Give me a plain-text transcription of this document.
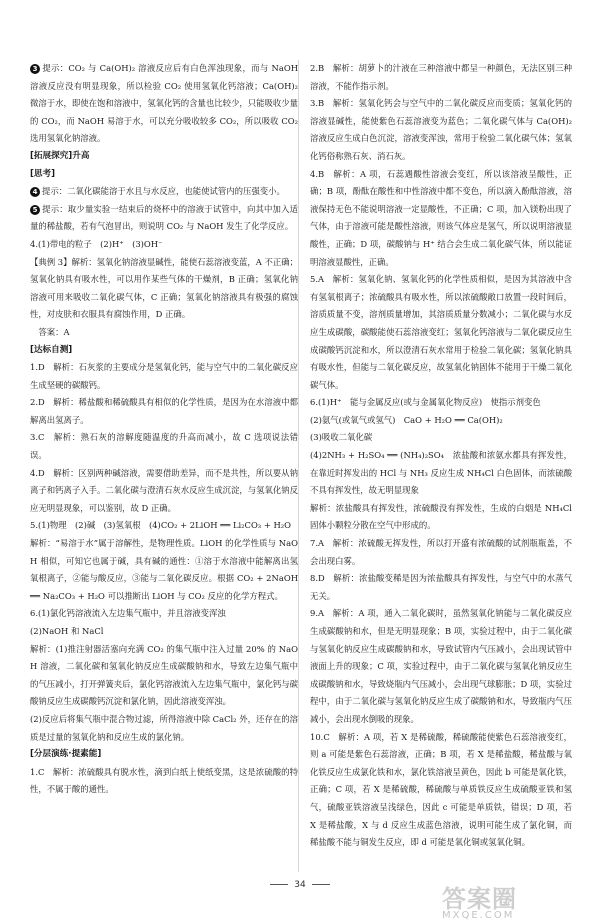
3 提示：CO₂ 与 Ca(OH)₂ 溶液反应后有白色浑浊现象，而与 NaOH 溶液反应没有明显现象，所以检验 CO₂ 使用氢氧化钙溶液；Ca(OH)₂ 微溶于水，即使在饱和溶液中，氢氧化钙的含量也比较少，只能吸收少量的 CO₂，而 NaOH 易溶于水，可以充分吸收较多 CO₂，所以吸收 CO₂ 选用氢氧化钠溶液。

[拓展探究]升高

[思考]

4 提示：二氧化碳能溶于水且与水反应，也能使试管内的压强变小。

5 提示：取少量实验一结束后的烧杯中的溶液于试管中，向其中加入适量的稀盐酸，若有气泡冒出，则说明 CO₂ 与 NaOH 发生了化学反应。

4.(1)带电的粒子　(2)H⁺　(3)OH⁻

【典例 3】解析：氢氧化钠溶液显碱性，能使石蕊溶液变蓝，A 不正确；氢氧化钠具有吸水性，可以用作某些气体的干燥剂，B 正确；氢氧化钠溶液可用来吸收二氧化碳气体，C 正确；氢氧化钠溶液具有极强的腐蚀性，对皮肤和衣服具有腐蚀作用，D 正确。

　答案：A

[达标自测]

1.D　解析：石灰浆的主要成分是氢氧化钙，能与空气中的二氧化碳反应生成坚硬的碳酸钙。

2.D　解析：稀盐酸和稀硫酸具有相似的化学性质，是因为在水溶液中都解离出氢离子。

3.C　解析：熟石灰的溶解度随温度的升高而减小，故 C 选项说法错误。

4.D　解析：区别两种碱溶液，需要借助差异，而不是共性，所以要从钠离子和钙离子入手。二氧化碳与澄清石灰水反应生成沉淀，与氢氧化钠反应无明显现象，可以鉴别，故 D 正确。

5.(1)物理　(2)碱　(3)氢氧根　(4)CO₂ + 2LiOH ══ Li₂CO₃ + H₂O

解析：“易溶于水”属于溶解性，是物理性质。LiOH 的化学性质与 NaOH 相似，可知它也属于碱，具有碱的通性：①溶于水溶液中能解离出氢氧根离子，②能与酸反应，③能与二氧化碳反应。根据 CO₂ + 2NaOH ══ Na₂CO₃ + H₂O 可以推断出 LiOH 与 CO₂ 反应的化学方程式。

6.(1)氯化钙溶液流入左边集气瓶中，并且溶液变浑浊

(2)NaOH 和 NaCl

解析：(1)推注射器活塞向充满 CO₂ 的集气瓶中注入过量 20% 的 NaOH 溶液，二氧化碳和氢氧化钠反应生成碳酸钠和水，导致左边集气瓶中的气压减小，打开弹簧夹后，氯化钙溶液流入左边集气瓶中，氯化钙与碳酸钠反应生成碳酸钙沉淀和氯化钠，因此溶液变浑浊。

(2)反应后将集气瓶中混合物过滤，所得溶液中除 CaCl₂ 外，还存在的溶质是过量的氢氧化钠和反应生成的氯化钠。

[分层演练·提素能]

1.C　解析：浓硫酸具有脱水性，滴到白纸上使纸变黑，这是浓硫酸的特性，不属于酸的通性。

2.B　解析：胡萝卜的汁液在三种溶液中都呈一种颜色，无法区别三种溶液，不能作指示剂。

3.B　解析：氢氧化钙会与空气中的二氧化碳反应而变质；氢氧化钙的溶液显碱性，能使紫色石蕊溶液变为蓝色；二氧化碳气体与 Ca(OH)₂ 溶液反应生成白色沉淀，溶液变浑浊，常用于检验二氧化碳气体；氢氧化钙俗称熟石灰、消石灰。

4.B　解析：A 项，石蕊遇酸性溶液会变红，所以该溶液呈酸性，正确；B 项，酚酞在酸性和中性溶液中都不变色，所以滴入酚酞溶液，溶液保持无色不能说明溶液一定显酸性，不正确；C 项，加入镁粉出现了气体，由于溶液可能是酸性溶液，则该气体应是氢气，所以说明溶液显酸性，正确；D 项，碳酸钠与 H⁺ 结合会生成二氧化碳气体，所以能证明溶液显酸性，正确。

5.A　解析：氢氧化钠、氢氧化钙的化学性质相似，是因为其溶液中含有氢氧根离子；浓硫酸具有吸水性，所以浓硫酸敞口放置一段时间后，溶质质量不变，溶剂质量增加，其溶质质量分数减小；二氧化碳与水反应生成碳酸，碳酸能使石蕊溶液变红；氢氧化钙溶液与二氧化碳反应生成碳酸钙沉淀和水，所以澄清石灰水常用于检验二氧化碳；氢氧化钠具有吸水性，但能与二氧化碳反应，故氢氧化钠固体不能用于干燥二氧化碳气体。

6.(1)H⁺　能与金属反应(或与金属氧化物反应)　使指示剂变色

(2)氨气(或氧气或氢气)　CaO + H₂O ══ Ca(OH)₂

(3)吸收二氧化碳

(4)2NH₃ + H₂SO₄ ══ (NH₄)₂SO₄　浓盐酸和浓氨水都具有挥发性，在靠近时挥发出的 HCl 与 NH₃ 反应生成 NH₄Cl 白色固体，而浓硫酸不具有挥发性，故无明显现象

解析：浓盐酸具有挥发性，浓硫酸没有挥发性，生成的白烟是 NH₄Cl 固体小颗粒分散在空气中形成的。

7.A　解析：浓硫酸无挥发性，所以打开盛有浓硫酸的试剂瓶瓶盖，不会出现白雾。

8.D　解析：浓盐酸变稀是因为浓盐酸具有挥发性，与空气中的水蒸气无关。

9.A　解析：A 项，通入二氧化碳时，虽然氢氧化钠能与二氧化碳反应生成碳酸钠和水，但是无明显现象；B 项，实验过程中，由于二氧化碳与氢氧化钠反应生成碳酸钠和水，导致试管内气压减小，会出现试管中液面上升的现象；C 项，实验过程中，由于二氧化碳与氢氧化钠反应生成碳酸钠和水，导致烧瓶内气压减小，会出现气球膨胀；D 项，实验过程中，由于二氧化碳与氢氧化钠反应生成了碳酸钠和水，导致瓶内气压减小，会出现水倒吸的现象。

10.C　解析：A 项，若 X 是稀硫酸，稀硫酸能使紫色石蕊溶液变红，则 a 可能是紫色石蕊溶液，正确；B 项，若 X 是稀盐酸，稀盐酸与氧化铁反应生成氯化铁和水，氯化铁溶液呈黄色，因此 b 可能是氧化铁，正确；C 项，若 X 是稀硫酸，稀硫酸与单质铁反应生成硫酸亚铁和氢气，硫酸亚铁溶液呈浅绿色，因此 c 可能是单质铁，错误；D 项，若 X 是稀盐酸，X 与 d 反应生成蓝色溶液，说明可能生成了氯化铜，而稀盐酸不能与铜发生反应，即 d 可能是氧化铜或氢氧化铜。

34	答案圈
MXQE.COM
